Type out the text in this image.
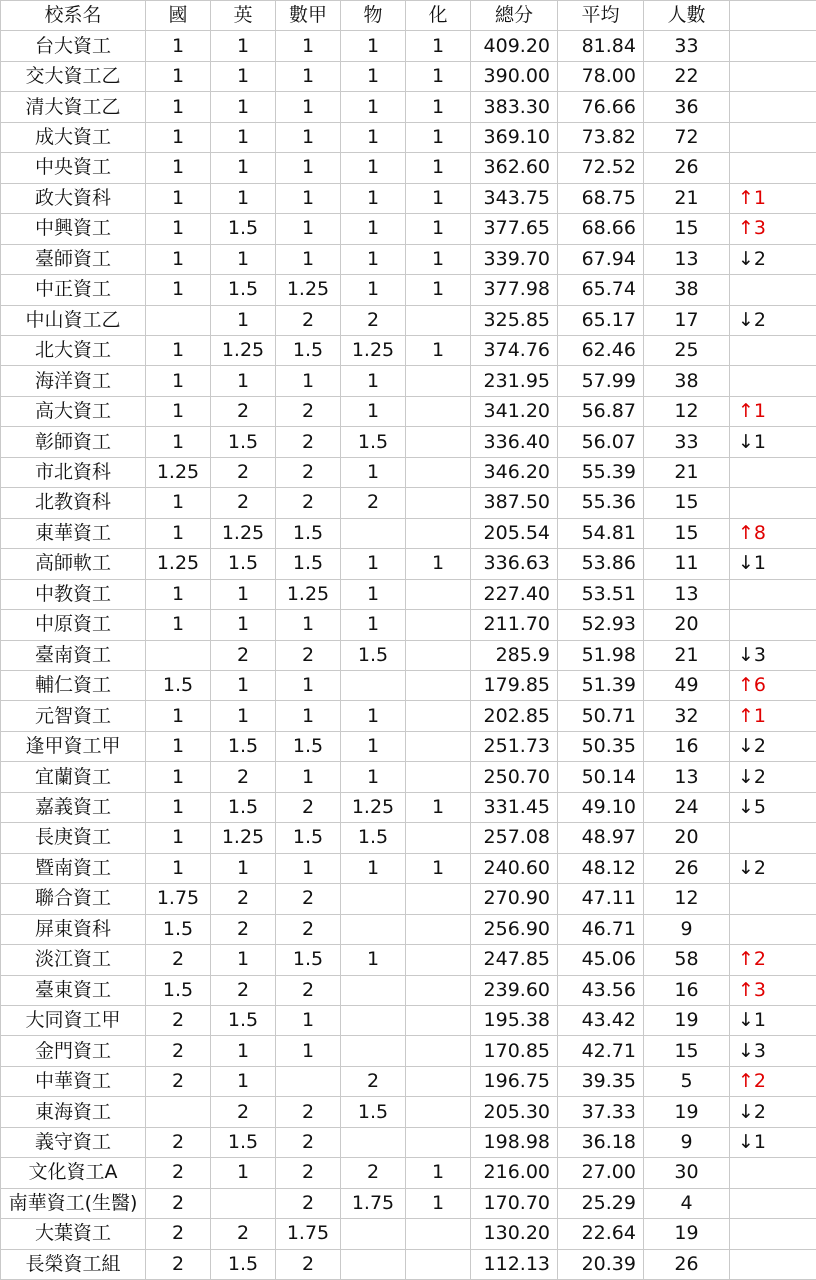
校系名	國	英	數甲	物	化	總分	平均	人數	
台大資工	1	1	1	1	1	409.20	81.84	33	
交大資工乙	1	1	1	1	1	390.00	78.00	22	
清大資工乙	1	1	1	1	1	383.30	76.66	36	
成大資工	1	1	1	1	1	369.10	73.82	72	
中央資工	1	1	1	1	1	362.60	72.52	26	
政大資科	1	1	1	1	1	343.75	68.75	21	↑1
中興資工	1	1.5	1	1	1	377.65	68.66	15	↑3
臺師資工	1	1	1	1	1	339.70	67.94	13	↓2
中正資工	1	1.5	1.25	1	1	377.98	65.74	38	
中山資工乙		1	2	2		325.85	65.17	17	↓2
北大資工	1	1.25	1.5	1.25	1	374.76	62.46	25	
海洋資工	1	1	1	1		231.95	57.99	38	
高大資工	1	2	2	1		341.20	56.87	12	↑1
彰師資工	1	1.5	2	1.5		336.40	56.07	33	↓1
市北資科	1.25	2	2	1		346.20	55.39	21	
北教資科	1	2	2	2		387.50	55.36	15	
東華資工	1	1.25	1.5			205.54	54.81	15	↑8
高師軟工	1.25	1.5	1.5	1	1	336.63	53.86	11	↓1
中教資工	1	1	1.25	1		227.40	53.51	13	
中原資工	1	1	1	1		211.70	52.93	20	
臺南資工		2	2	1.5		285.9	51.98	21	↓3
輔仁資工	1.5	1	1			179.85	51.39	49	↑6
元智資工	1	1	1	1		202.85	50.71	32	↑1
逢甲資工甲	1	1.5	1.5	1		251.73	50.35	16	↓2
宜蘭資工	1	2	1	1		250.70	50.14	13	↓2
嘉義資工	1	1.5	2	1.25	1	331.45	49.10	24	↓5
長庚資工	1	1.25	1.5	1.5		257.08	48.97	20	
暨南資工	1	1	1	1	1	240.60	48.12	26	↓2
聯合資工	1.75	2	2			270.90	47.11	12	
屏東資科	1.5	2	2			256.90	46.71	9	
淡江資工	2	1	1.5	1		247.85	45.06	58	↑2
臺東資工	1.5	2	2			239.60	43.56	16	↑3
大同資工甲	2	1.5	1			195.38	43.42	19	↓1
金門資工	2	1	1			170.85	42.71	15	↓3
中華資工	2	1		2		196.75	39.35	5	↑2
東海資工		2	2	1.5		205.30	37.33	19	↓2
義守資工	2	1.5	2			198.98	36.18	9	↓1
文化資工A	2	1	2	2	1	216.00	27.00	30	
南華資工(生醫)	2		2	1.75	1	170.70	25.29	4	
大葉資工	2	2	1.75			130.20	22.64	19	
長榮資工組	2	1.5	2			112.13	20.39	26	
